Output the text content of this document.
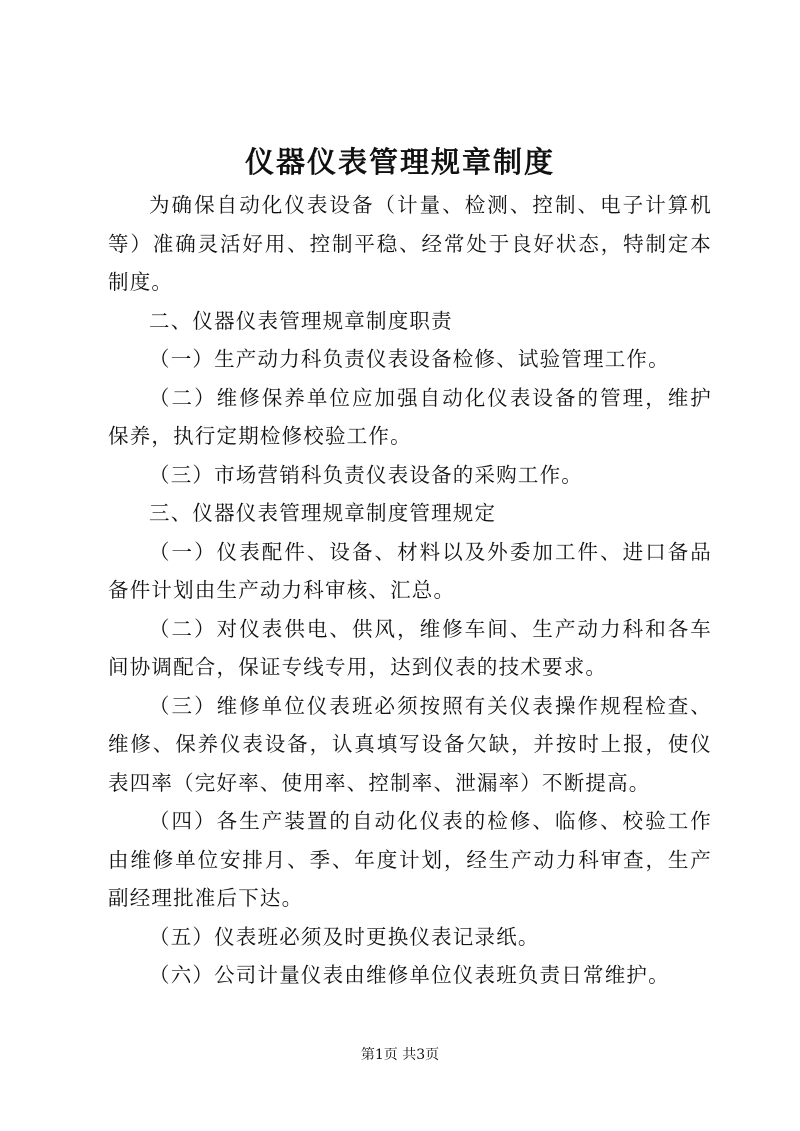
仪器仪表管理规章制度

为确保自动化仪表设备（计量、检测、控制、电子计算机等）准确灵活好用、控制平稳、经常处于良好状态，特制定本制度。

二、仪器仪表管理规章制度职责

（一）生产动力科负责仪表设备检修、试验管理工作。

（二）维修保养单位应加强自动化仪表设备的管理，维护保养，执行定期检修校验工作。

（三）市场营销科负责仪表设备的采购工作。

三、仪器仪表管理规章制度管理规定

（一）仪表配件、设备、材料以及外委加工件、进口备品备件计划由生产动力科审核、汇总。

（二）对仪表供电、供风，维修车间、生产动力科和各车间协调配合，保证专线专用，达到仪表的技术要求。

（三）维修单位仪表班必须按照有关仪表操作规程检查、维修、保养仪表设备，认真填写设备欠缺，并按时上报，使仪表四率（完好率、使用率、控制率、泄漏率）不断提高。

（四）各生产装置的自动化仪表的检修、临修、校验工作由维修单位安排月、季、年度计划，经生产动力科审查，生产副经理批准后下达。

（五）仪表班必须及时更换仪表记录纸。

（六）公司计量仪表由维修单位仪表班负责日常维护。

第1页 共3页
